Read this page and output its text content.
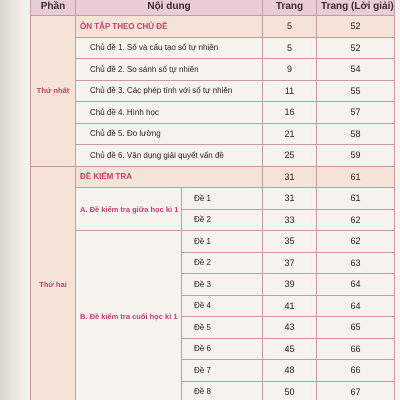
Phần	Nội dung		Trang	Trang (Lời giải)
Thứ nhất	ÔN TẬP THEO CHỦ ĐỀ		5	52
	Chủ đề 1. Số và cấu tạo số tự nhiên		5	52
	Chủ đề 2. So sánh số tự nhiên		9	54
	Chủ đề 3. Các phép tính với số tự nhiên		11	55
	Chủ đề 4. Hình học		16	57
	Chủ đề 5. Đo lường		21	58
	Chủ đề 6. Vận dụng giải quyết vấn đề		25	59
Thứ hai	ĐỀ KIỂM TRA		31	61
	A. Đề kiểm tra giữa học kì 1	Đề 1	31	61
		Đề 2	33	62
	B. Đề kiểm tra cuối học kì 1	Đề 1	35	62
		Đề 2	37	63
		Đề 3	39	64
		Đề 4	41	64
		Đề 5	43	65
		Đề 6	45	66
		Đề 7	48	66
		Đề 8	50	67
